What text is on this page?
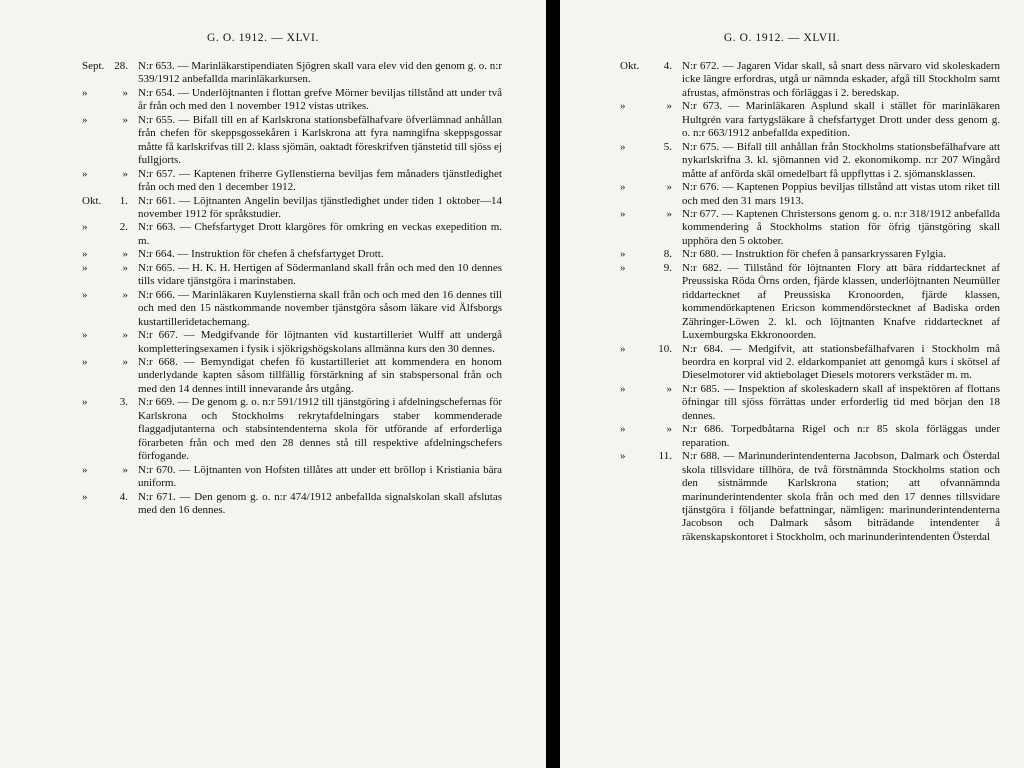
G. O. 1912. — XLVI.
Sept. 28. N:r 653. — Marinläkarstipendiaten Sjögren skall vara elev vid den genom g. o. n:r 539/1912 anbefallda marinläkarkursen.
»	» N:r 654. — Underlöjtnanten i flottan grefve Mörner beviljas tillstånd att under två år från och med den 1 november 1912 vistas utrikes.
»	» N:r 655. — Bifall till en af Karlskrona stationsbefälhafvare öfverlämnad anhållan från chefen för skeppsgossekåren i Karlskrona att fyra namngifna skeppsgossar måtte få karlskrifvas till 2. klass sjömän, oaktadt föreskrifven tjänstetid till sjöss ej fullgjorts.
»	» N:r 657. — Kaptenen friherre Gyllenstierna beviljas fem månaders tjänstledighet från och med den 1 december 1912.
Okt.	1. N:r 661. — Löjtnanten Angelin beviljas tjänstledighet under tiden 1 oktober—14 november 1912 för språkstudier.
»	2. N:r 663. — Chefsfartyget Drott klargöres för omkring en veckas exepedition m. m.
»	» N:r 664. — Instruktion för chefen å chefsfartyget Drott.
»	» N:r 665. — H. K. H. Hertigen af Södermanland skall från och med den 10 dennes tills vidare tjänstgöra i marinstaben.
»	» N:r 666. — Marinläkaren Kuylenstierna skall från och och med den 16 dennes till och med den 15 nästkommande november tjänstgöra såsom läkare vid Älfsborgs kustartilleridetachemang.
»	» N:r 667. — Medgifvande för löjtnanten vid kustartilleriet Wulff att undergå kompletteringsexamen i fysik i sjökrigshögskolans allmänna kurs den 30 dennes.
»	» N:r 668. — Bemyndigat chefen fö kustartilleriet att kommendera en honom underlydande kapten såsom tillfällig förstärkning af sin stabspersonal från och med den 14 dennes intill innevarande års utgång.
»	3. N:r 669. — De genom g. o. n:r 591/1912 till tjänstgöring i afdelningschefernas för Karlskrona och Stockholms rekrytafdelningars staber kommenderade flaggadjutanterna och stabsintendenterna skola för utförande af erforderliga förarbeten från och med den 28 dennes stå till respektive afdelningschefers förfogande.
»	» N:r 670. — Löjtnanten von Hofsten tillåtes att under ett bröllop i Kristiania bära uniform.
»	4. N:r 671. — Den genom g. o. n:r 474/1912 anbefallda signalskolan skall afslutas med den 16 dennes.
G. O. 1912. — XLVII.
Okt.	4. N:r 672. — Jagaren Vidar skall, så snart dess närvaro vid skoleskadern icke längre erfordras, utgå ur nämnda eskader, afgå till Stockholm samt afrustas, afmönstras och förläggas i 2. beredskap.
»	» N:r 673. — Marinläkaren Asplund skall i stället för marinläkaren Hultgrén vara fartygsläkare å chefsfartyget Drott under dess genom g. o. n:r 663/1912 anbefallda expedition.
»	5. N:r 675. — Bifall till anhållan från Stockholms stationsbefälhafvare att nykarlskrifna 3. kl. sjömannen vid 2. ekonomikomp. n:r 207 Wingård måtte af anförda skäl omedelbart få uppflyttas i 2. sjömansklassen.
»	» N:r 676. — Kaptenen Poppius beviljas tillstånd att vistas utom riket till och med den 31 mars 1913.
»	» N:r 677. — Kaptenen Christersons genom g. o. n:r 318/1912 anbefallda kommendering å Stockholms station för öfrig tjänstgöring skall upphöra den 5 oktober.
»	8. N:r 680. — Instruktion för chefen å pansarkryssaren Fylgia.
»	9. N:r 682. — Tillstånd för löjtnanten Flory att bära riddartecknet af Preussiska Röda Örns orden, fjärde klassen, underlöjtnanten Neumüller riddartecknet af Preussiska Kronoorden, fjärde klassen, kommendörkaptenen Ericson kommendörstecknet af Badiska orden Zähringer-Löwen 2. kl. och löjtnanten Knafve riddartecknet af Luxemburgska Ekkronoorden.
»	10. N:r 684. — Medgifvit, att stationsbefälhafvaren i Stockholm må beordra en korpral vid 2. eldarkompaniet att genomgå kurs i skötsel af Dieselmotorer vid aktiebolaget Diesels motorers verkstäder m. m.
»	» N:r 685. — Inspektion af skoleskadern skall af inspektören af flottans öfningar till sjöss förrättas under erforderlig tid med början den 18 dennes.
»	» N:r 686. Torpedbåtarna Rigel och n:r 85 skola förläggas under reparation.
»	11. N:r 688. — Marinunderintendenterna Jacobson, Dalmark och Österdal skola tillsvidare tillhöra, de två förstnämnda Stockholms station och den sistnämnde Karlskrona station; att ofvannämnda marinunderintendenter skola från och med den 17 dennes tillsvidare tjänstgöra i följande befattningar, nämligen: marinunderintendenterna Jacobson och Dalmark såsom biträdande intendenter å räkenskapskontoret i Stockholm, och marinunderintendenten Österdal
